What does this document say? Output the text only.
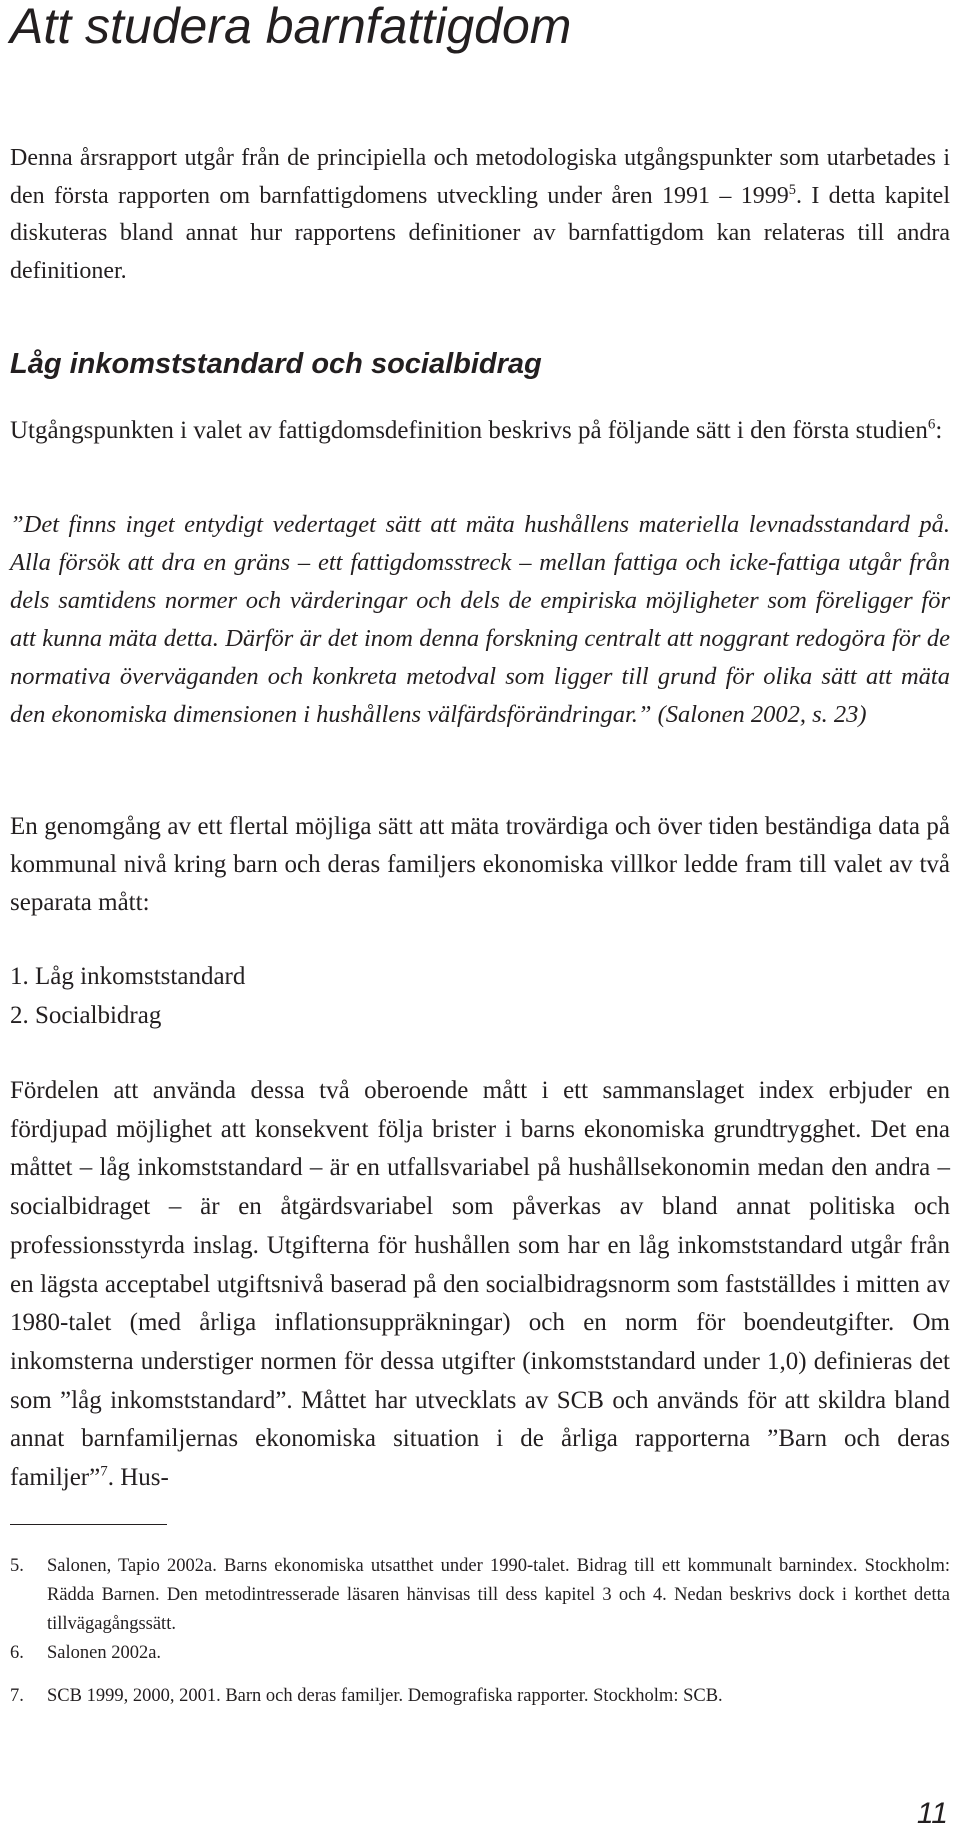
Att studera barnfattigdom

Denna årsrapport utgår från de principiella och metodologiska utgångspunkter som utarbetades i den första rapporten om barnfattigdomens utveckling under åren 1991 – 1999$^5$. I detta kapitel diskuteras bland annat hur rapportens definitioner av barnfattigdom kan relateras till andra definitioner.

Låg inkomststandard och socialbidrag

Utgångspunkten i valet av fattigdomsdefinition beskrivs på följande sätt i den första studien$^6$:

”Det finns inget entydigt vedertaget sätt att mäta hushållens materiella levnadsstandard på. Alla försök att dra en gräns – ett fattigdomsstreck – mellan fattiga och icke-fattiga utgår från dels samtidens normer och värderingar och dels de empiriska möjligheter som föreligger för att kunna mäta detta. Därför är det inom denna forskning centralt att noggrant redogöra för de normativa överväganden och konkreta metodval som ligger till grund för olika sätt att mäta den ekonomiska dimensionen i hushållens välfärdsförändringar.” (Salonen 2002, s. 23)

En genomgång av ett flertal möjliga sätt att mäta trovärdiga och över tiden beständiga data på kommunal nivå kring barn och deras familjers ekonomiska villkor ledde fram till valet av två separata mått:

1. Låg inkomststandard
2. Socialbidrag

Fördelen att använda dessa två oberoende mått i ett sammanslaget index erbjuder en fördjupad möjlighet att konsekvent följa brister i barns ekonomiska grundtrygghet. Det ena måttet – låg inkomststandard – är en utfallsvariabel på hushållsekonomin medan den andra – socialbidraget – är en åtgärdsvariabel som påverkas av bland annat politiska och professionsstyrda inslag. Utgifterna för hushållen som har en låg inkomststandard utgår från en lägsta acceptabel utgiftsnivå baserad på den socialbidragsnorm som fastställdes i mitten av 1980-talet (med årliga inflationsuppräkningar) och en norm för boendeutgifter. Om inkomsterna understiger normen för dessa utgifter (inkomststandard under 1,0) definieras det som ”låg inkomststandard”. Måttet har utvecklats av SCB och används för att skildra bland annat barnfamiljernas ekonomiska situation i de årliga rapporterna ”Barn och deras familjer”$^7$. Hus-

5. Salonen, Tapio 2002a. Barns ekonomiska utsatthet under 1990-talet. Bidrag till ett kommunalt barnindex. Stockholm: Rädda Barnen. Den metodintresserade läsaren hänvisas till dess kapitel 3 och 4. Nedan beskrivs dock i korthet detta tillvägagångssätt.
6. Salonen 2002a.
7. SCB 1999, 2000, 2001. Barn och deras familjer. Demografiska rapporter. Stockholm: SCB.

11
